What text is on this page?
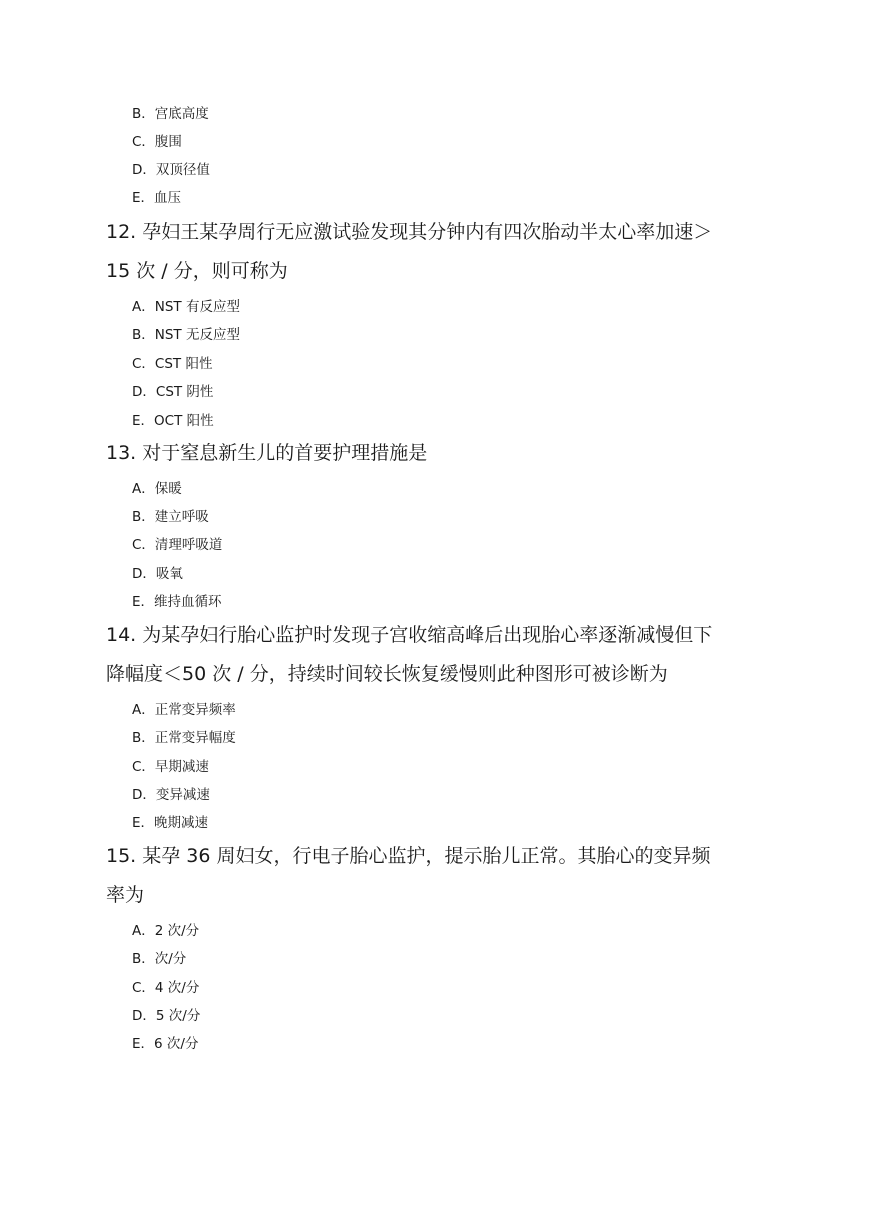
B．宫底高度
C．腹围
D．双顶径值
E．血压
12. 孕妇王某孕周行无应激试验发现其分钟内有四次胎动半太心率加速＞
15 次 / 分，则可称为
A．NST 有反应型
B．NST 无反应型
C．CST 阳性
D．CST 阴性
E．OCT 阳性
13. 对于窒息新生儿的首要护理措施是
A．保暖
B．建立呼吸
C．清理呼吸道
D．吸氧
E．维持血循环
14. 为某孕妇行胎心监护时发现子宫收缩高峰后出现胎心率逐渐减慢但下
降幅度＜50 次 / 分，持续时间较长恢复缓慢则此种图形可被诊断为
A．正常变异频率
B．正常变异幅度
C．早期减速
D．变异减速
E．晚期减速
15. 某孕 36 周妇女，行电子胎心监护，提示胎儿正常。其胎心的变异频
率为
A．2 次/分
B．次/分
C．4 次/分
D．5 次/分
E．6 次/分
